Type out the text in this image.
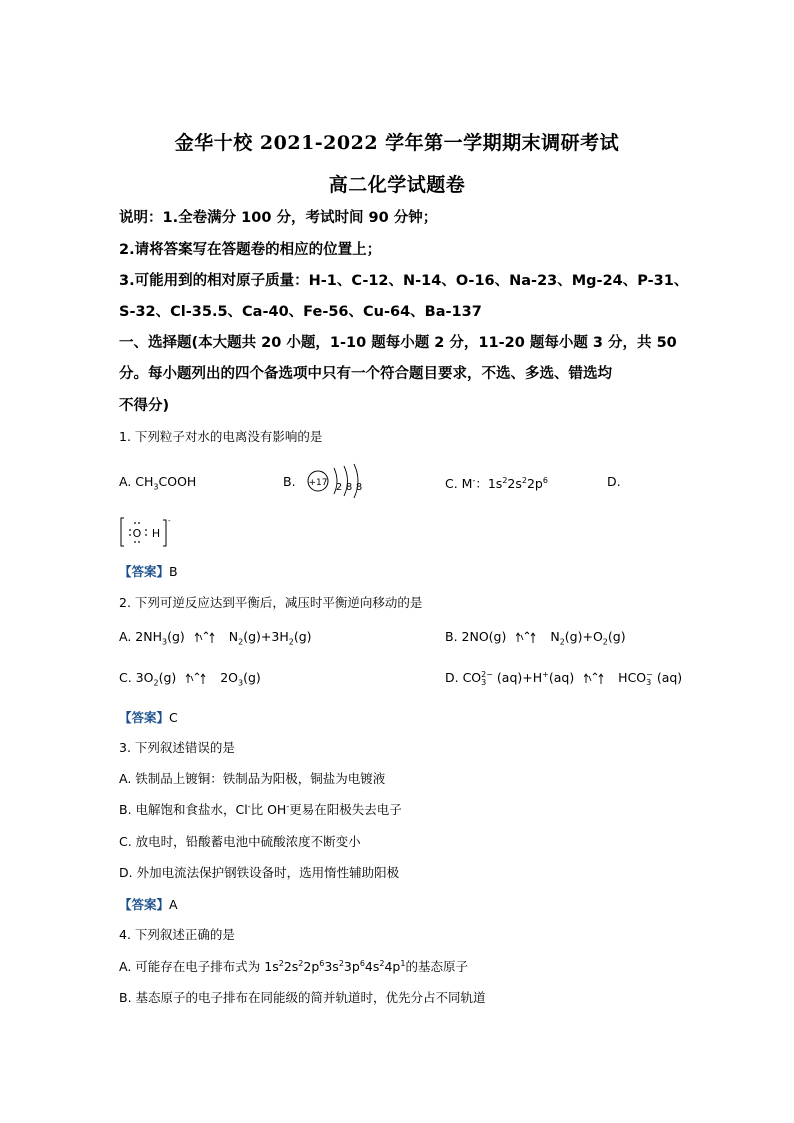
金华十校 2021-2022 学年第一学期期末调研考试
高二化学试题卷
说明：1.全卷满分 100 分，考试时间 90 分钟；
2.请将答案写在答题卷的相应的位置上；
3.可能用到的相对原子质量：H-1、C-12、N-14、O-16、Na-23、Mg-24、P-31、
S-32、Cl-35.5、Ca-40、Fe-56、Cu-64、Ba-137
一、选择题(本大题共 20 小题，1-10 题每小题 2 分，11-20 题每小题 3 分，共 50
分。每小题列出的四个备选项中只有一个符合题目要求，不选、多选、错选均
不得分)
1. 下列粒子对水的电离没有影响的是
A. $CH_3COOH$	B. +17 2 8 8	C. M-：$1s^22s^22p^6$	D.
-
O H
【答案】B
2. 下列可逆反应达到平衡后，减压时平衡逆向移动的是
A. $2NH_3(g)$	$N_2(g)+3H_2(g)$	B. 2NO(g)	$N_2(g)+O_2(g)$
C. $3O_2(g)$	$2O_3(g)$	D. CO 2−
3 (aq)+H+(aq)	HCO −
3 (aq)
【答案】C
3. 下列叙述错误的是
A. 铁制品上镀铜：铁制品为阳极，铜盐为电镀液
B. 电解饱和食盐水，Cl-比 OH-更易在阳极失去电子
C. 放电时，铅酸蓄电池中硫酸浓度不断变小
D. 外加电流法保护钢铁设备时，选用惰性辅助阳极
【答案】A
4. 下列叙述正确的是
A. 可能存在电子排布式为 $1s^22s^22p^63s^23p^64s^24p^1$的基态原子
B. 基态原子的电子排布在同能级的简并轨道时，优先分占不同轨道
